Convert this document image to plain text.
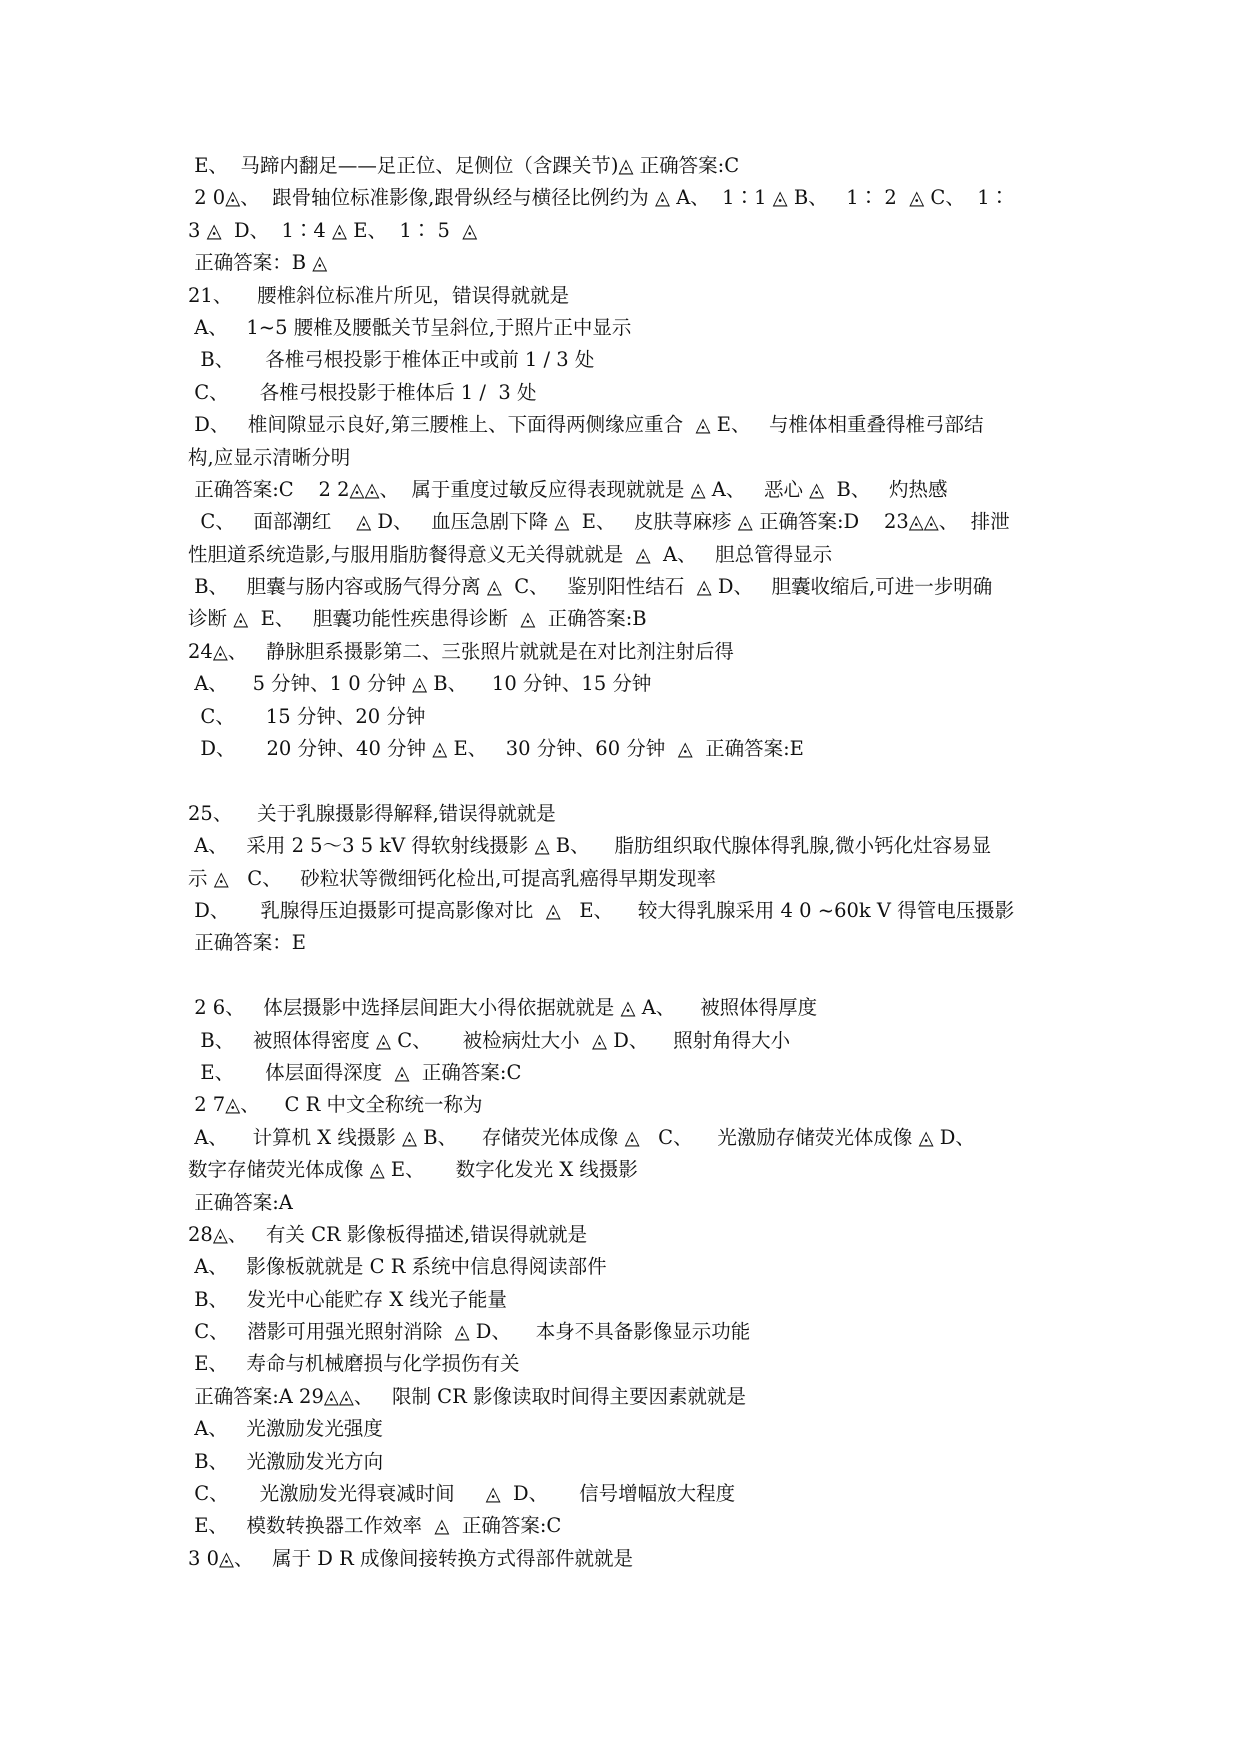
E、  马蹄内翻足——足正位、足侧位（含踝关节)◬ 正确答案:C
2 0◬、  跟骨轴位标准影像,跟骨纵经与横径比例约为 ◬ A、  1∶1 ◬ B、   1∶ 2  ◬ C、  1∶
3 ◬  D、  1∶4 ◬ E、  1∶ 5  ◬
正确答案：B ◬
21、    腰椎斜位标准片所见，错误得就就是
A、   1~5 腰椎及腰骶关节呈斜位,于照片正中显示
B、     各椎弓根投影于椎体正中或前 1 / 3 处
C、     各椎弓根投影于椎体后 1 /  3 处
D、   椎间隙显示良好,第三腰椎上、下面得两侧缘应重合  ◬ E、   与椎体相重叠得椎弓部结
构,应显示清晰分明
正确答案:C    2 2◬◬、  属于重度过敏反应得表现就就是 ◬ A、   恶心 ◬  B、   灼热感
C、   面部潮红    ◬ D、   血压急剧下降 ◬  E、   皮肤荨麻疹 ◬ 正确答案:D    23◬◬、  排泄
性胆道系统造影,与服用脂肪餐得意义无关得就就是  ◬  A、   胆总管得显示
B、   胆囊与肠内容或肠气得分离 ◬  C、   鉴别阳性结石  ◬ D、   胆囊收缩后,可进一步明确
诊断 ◬  E、   胆囊功能性疾患得诊断  ◬  正确答案:B
24◬、   静脉胆系摄影第二、三张照片就就是在对比剂注射后得
A、    5 分钟、1 0 分钟 ◬ B、    10 分钟、15 分钟
C、     15 分钟、20 分钟
D、     20 分钟、40 分钟 ◬ E、   30 分钟、60 分钟  ◬  正确答案:E
25、    关于乳腺摄影得解释,错误得就就是
A、   采用 2 5～3 5 kV 得软射线摄影 ◬ B、    脂肪组织取代腺体得乳腺,微小钙化灶容易显
示 ◬   C、   砂粒状等微细钙化检出,可提高乳癌得早期发现率
D、     乳腺得压迫摄影可提高影像对比  ◬   E、    较大得乳腺采用 4 0 ~60k V 得管电压摄影
正确答案：E
2 6、   体层摄影中选择层间距大小得依据就就是 ◬ A、    被照体得厚度
B、   被照体得密度 ◬ C、     被检病灶大小  ◬ D、    照射角得大小
E、     体层面得深度  ◬  正确答案:C
2 7◬、    C R 中文全称统一称为
A、    计算机 X 线摄影 ◬ B、    存储荧光体成像 ◬   C、    光激励存储荧光体成像 ◬ D、
数字存储荧光体成像 ◬ E、     数字化发光 X 线摄影
正确答案:A
28◬、   有关 CR 影像板得描述,错误得就就是
A、   影像板就就是 C R 系统中信息得阅读部件
B、   发光中心能贮存 X 线光子能量
C、   潜影可用强光照射消除  ◬ D、    本身不具备影像显示功能
E、   寿命与机械磨损与化学损伤有关
正确答案:A 29◬◬、   限制 CR 影像读取时间得主要因素就就是
A、   光激励发光强度
B、   光激励发光方向
C、     光激励发光得衰减时间     ◬  D、     信号增幅放大程度
E、   模数转换器工作效率  ◬  正确答案:C
3 0◬、   属于 D R 成像间接转换方式得部件就就是
